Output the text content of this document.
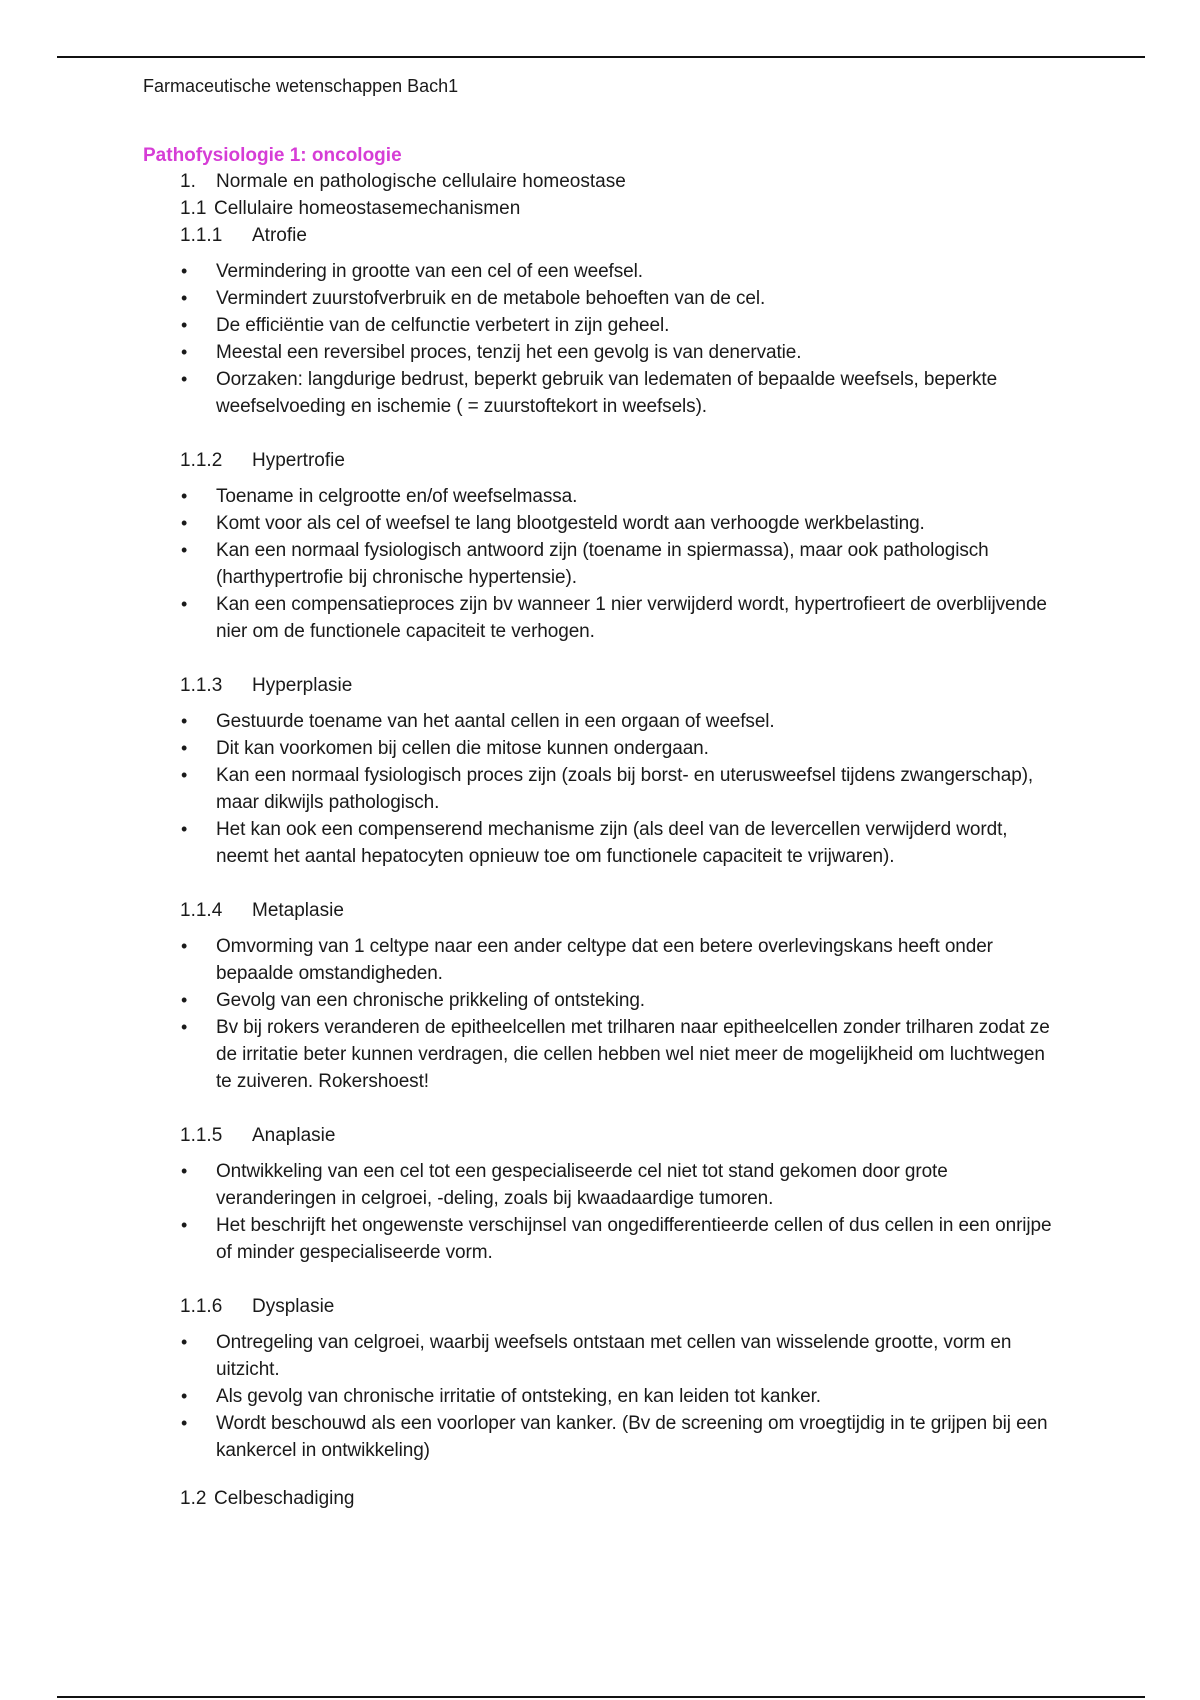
Farmaceutische wetenschappen Bach1

Pathofysiologie 1: oncologie

1. Normale en pathologische cellulaire homeostase

1.1 Cellulaire homeostasemechanismen

1.1.1 Atrofie

• Vermindering in grootte van een cel of een weefsel.
• Vermindert zuurstofverbruik en de metabole behoeften van de cel.
• De efficiëntie van de celfunctie verbetert in zijn geheel.
• Meestal een reversibel proces, tenzij het een gevolg is van denervatie.
• Oorzaken: langdurige bedrust, beperkt gebruik van ledematen of bepaalde weefsels, beperkte weefselvoeding en ischemie ( = zuurstoftekort in weefsels).

1.1.2 Hypertrofie

• Toename in celgrootte en/of weefselmassa.
• Komt voor als cel of weefsel te lang blootgesteld wordt aan verhoogde werkbelasting.
• Kan een normaal fysiologisch antwoord zijn (toename in spiermassa), maar ook pathologisch (harthypertrofie bij chronische hypertensie).
• Kan een compensatieproces zijn bv wanneer 1 nier verwijderd wordt, hypertrofieert de overblijvende nier om de functionele capaciteit te verhogen.

1.1.3 Hyperplasie

• Gestuurde toename van het aantal cellen in een orgaan of weefsel.
• Dit kan voorkomen bij cellen die mitose kunnen ondergaan.
• Kan een normaal fysiologisch proces zijn (zoals bij borst- en uterusweefsel tijdens zwangerschap), maar dikwijls pathologisch.
• Het kan ook een compenserend mechanisme zijn (als deel van de levercellen verwijderd wordt, neemt het aantal hepatocyten opnieuw toe om functionele capaciteit te vrijwaren).

1.1.4 Metaplasie

• Omvorming van 1 celtype naar een ander celtype dat een betere overlevingskans heeft onder bepaalde omstandigheden.
• Gevolg van een chronische prikkeling of ontsteking.
• Bv bij rokers veranderen de epitheelcellen met trilharen naar epitheelcellen zonder trilharen zodat ze de irritatie beter kunnen verdragen, die cellen hebben wel niet meer de mogelijkheid om luchtwegen te zuiveren. Rokershoest!

1.1.5 Anaplasie

• Ontwikkeling van een cel tot een gespecialiseerde cel niet tot stand gekomen door grote veranderingen in celgroei, -deling, zoals bij kwaadaardige tumoren.
• Het beschrijft het ongewenste verschijnsel van ongedifferentieerde cellen of dus cellen in een onrijpe of minder gespecialiseerde vorm.

1.1.6 Dysplasie

• Ontregeling van celgroei, waarbij weefsels ontstaan met cellen van wisselende grootte, vorm en uitzicht.
• Als gevolg van chronische irritatie of ontsteking, en kan leiden tot kanker.
• Wordt beschouwd als een voorloper van kanker. (Bv de screening om vroegtijdig in te grijpen bij een kankercel in ontwikkeling)

1.2 Celbeschadiging
